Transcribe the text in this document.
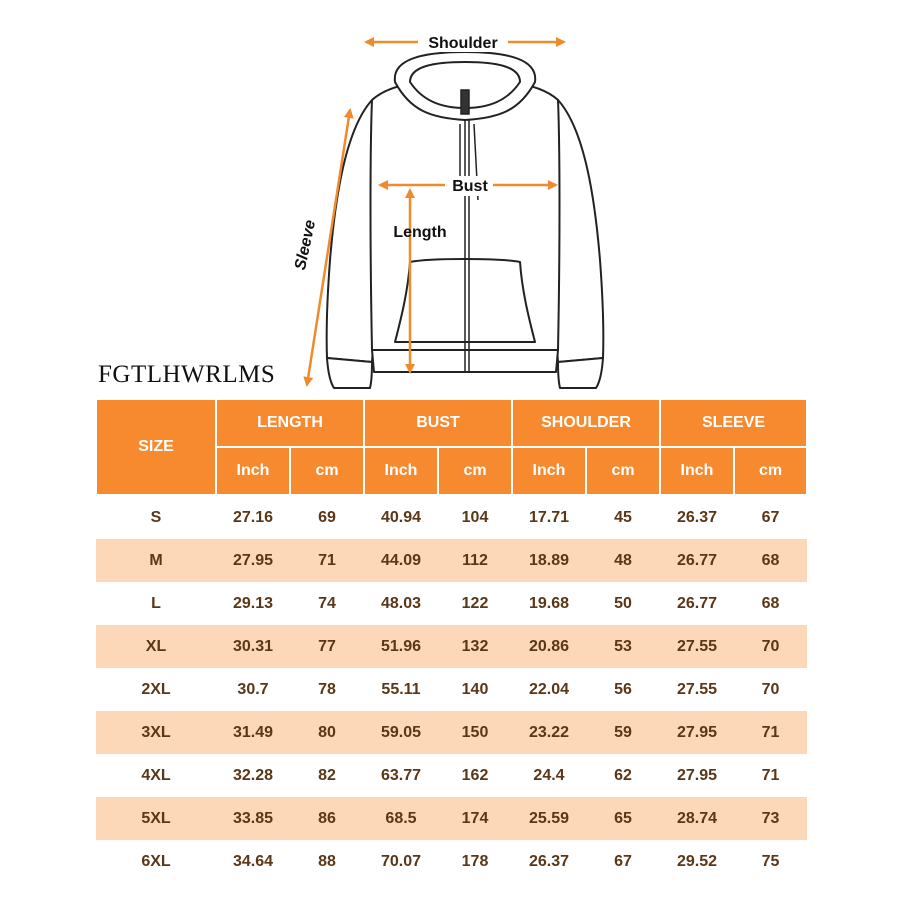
Shoulder
Bust
Length
Sleeve
FGTLHWRLMS
SIZE	LENGTH		BUST		SHOULDER		SLEEVE	
	Inch	cm	Inch	cm	Inch	cm	Inch	cm
S	27.16	69	40.94	104	17.71	45	26.37	67
M	27.95	71	44.09	112	18.89	48	26.77	68
L	29.13	74	48.03	122	19.68	50	26.77	68
XL	30.31	77	51.96	132	20.86	53	27.55	70
2XL	30.7	78	55.11	140	22.04	56	27.55	70
3XL	31.49	80	59.05	150	23.22	59	27.95	71
4XL	32.28	82	63.77	162	24.4	62	27.95	71
5XL	33.85	86	68.5	174	25.59	65	28.74	73
6XL	34.64	88	70.07	178	26.37	67	29.52	75
